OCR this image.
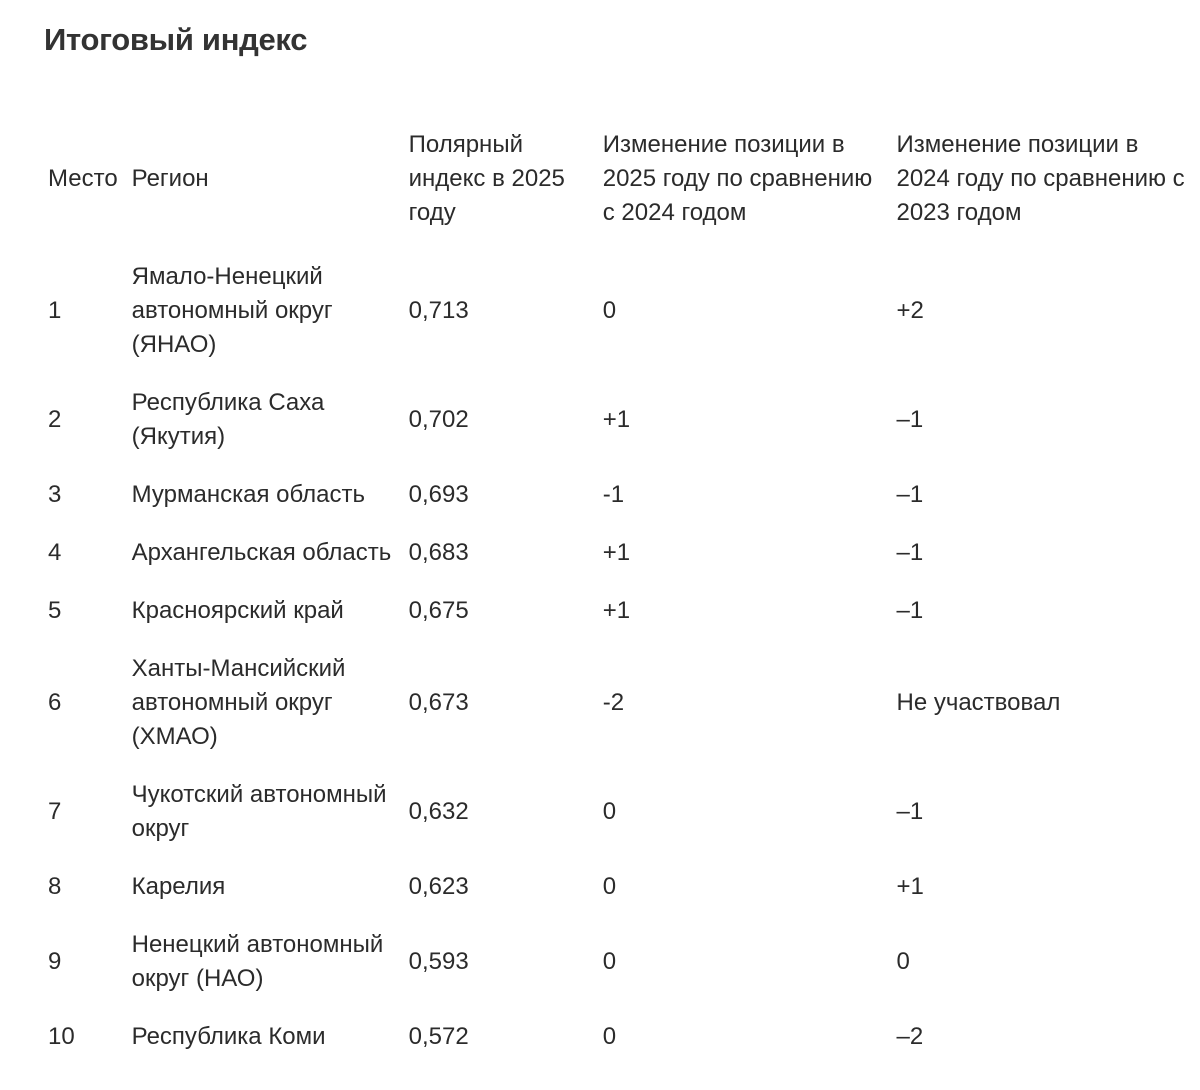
Итоговый индекс
Место	Регион	Полярный индекс в 2025 году	Изменение позиции в 2025 году по сравнению с 2024 годом	Изменение позиции в 2024 году по сравнению с 2023 годом
1	Ямало-Ненецкий автономный округ (ЯНАО)	0,713	0	+2
2	Республика Саха (Якутия)	0,702	+1	–1
3	Мурманская область	0,693	-1	–1
4	Архангельская область	0,683	+1	–1
5	Красноярский край	0,675	+1	–1
6	Ханты-Мансийский автономный округ (ХМАО)	0,673	-2	Не участвовал
7	Чукотский автономный округ	0,632	0	–1
8	Карелия	0,623	0	+1
9	Ненецкий автономный округ (НАО)	0,593	0	0
10	Республика Коми	0,572	0	–2
